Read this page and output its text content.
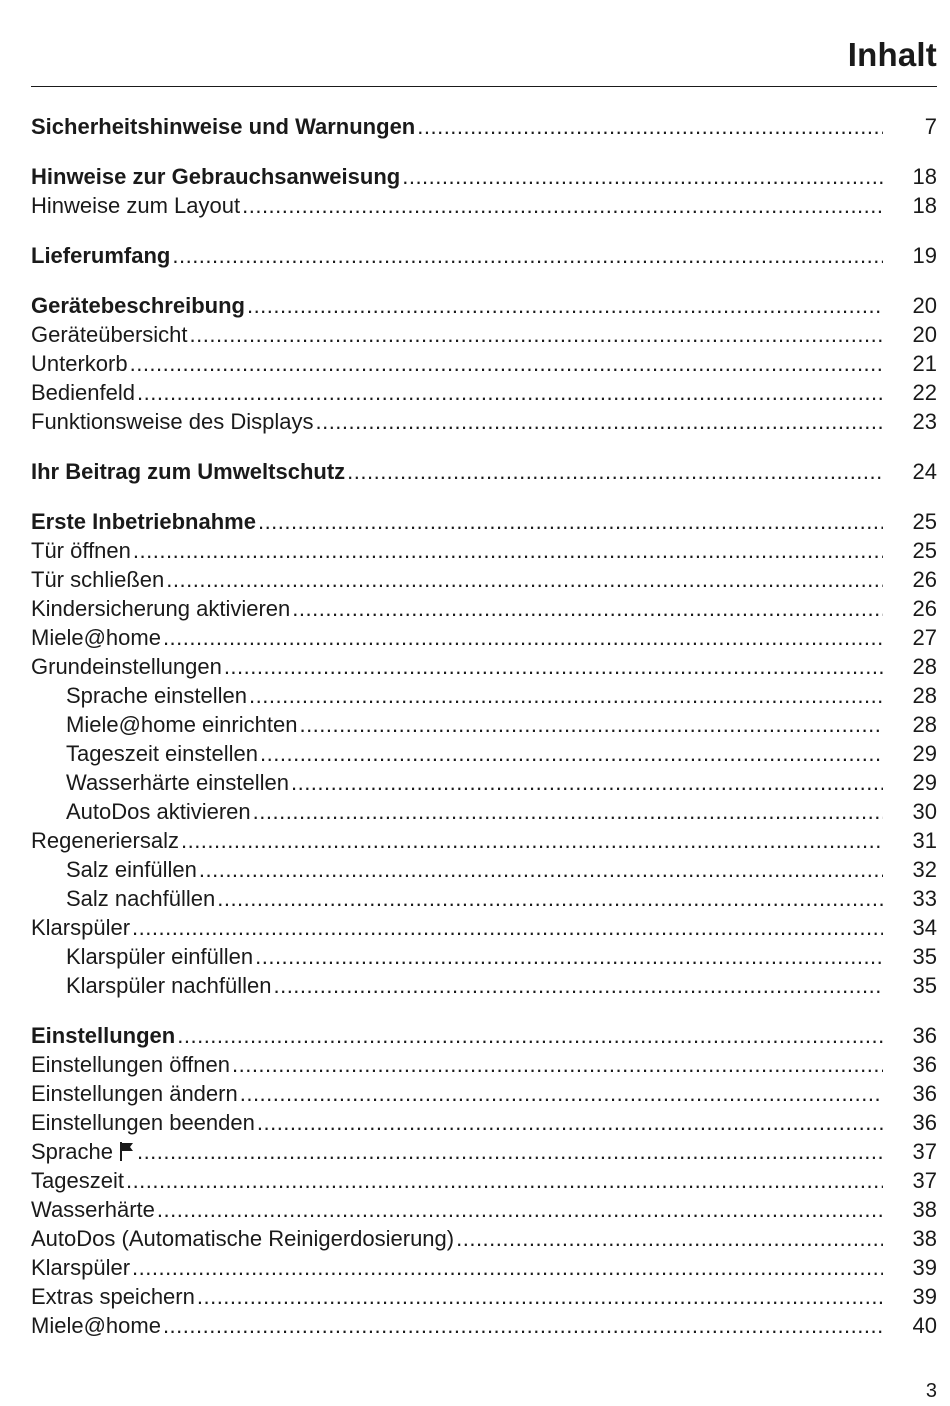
Inhalt
Sicherheitshinweise und Warnungen .....	7
Hinweise zur Gebrauchsanweisung .....	18
Hinweise zum Layout .....	18
Lieferumfang .....	19
Gerätebeschreibung .....	20
Geräteübersicht .....	20
Unterkorb .....	21
Bedienfeld .....	22
Funktionsweise des Displays .....	23
Ihr Beitrag zum Umweltschutz .....	24
Erste Inbetriebnahme .....	25
Tür öffnen .....	25
Tür schließen .....	26
Kindersicherung aktivieren .....	26
Miele@home .....	27
Grundeinstellungen .....	28
Sprache einstellen .....	28
Miele@home einrichten .....	28
Tageszeit einstellen .....	29
Wasserhärte einstellen .....	29
AutoDos aktivieren .....	30
Regeneriersalz .....	31
Salz einfüllen .....	32
Salz nachfüllen .....	33
Klarspüler .....	34
Klarspüler einfüllen .....	35
Klarspüler nachfüllen .....	35
Einstellungen .....	36
Einstellungen öffnen .....	36
Einstellungen ändern .....	36
Einstellungen beenden .....	36
Sprache .....	37
Tageszeit .....	37
Wasserhärte .....	38
AutoDos (Automatische Reinigerdosierung) .....	38
Klarspüler .....	39
Extras speichern .....	39
Miele@home .....	40
3
